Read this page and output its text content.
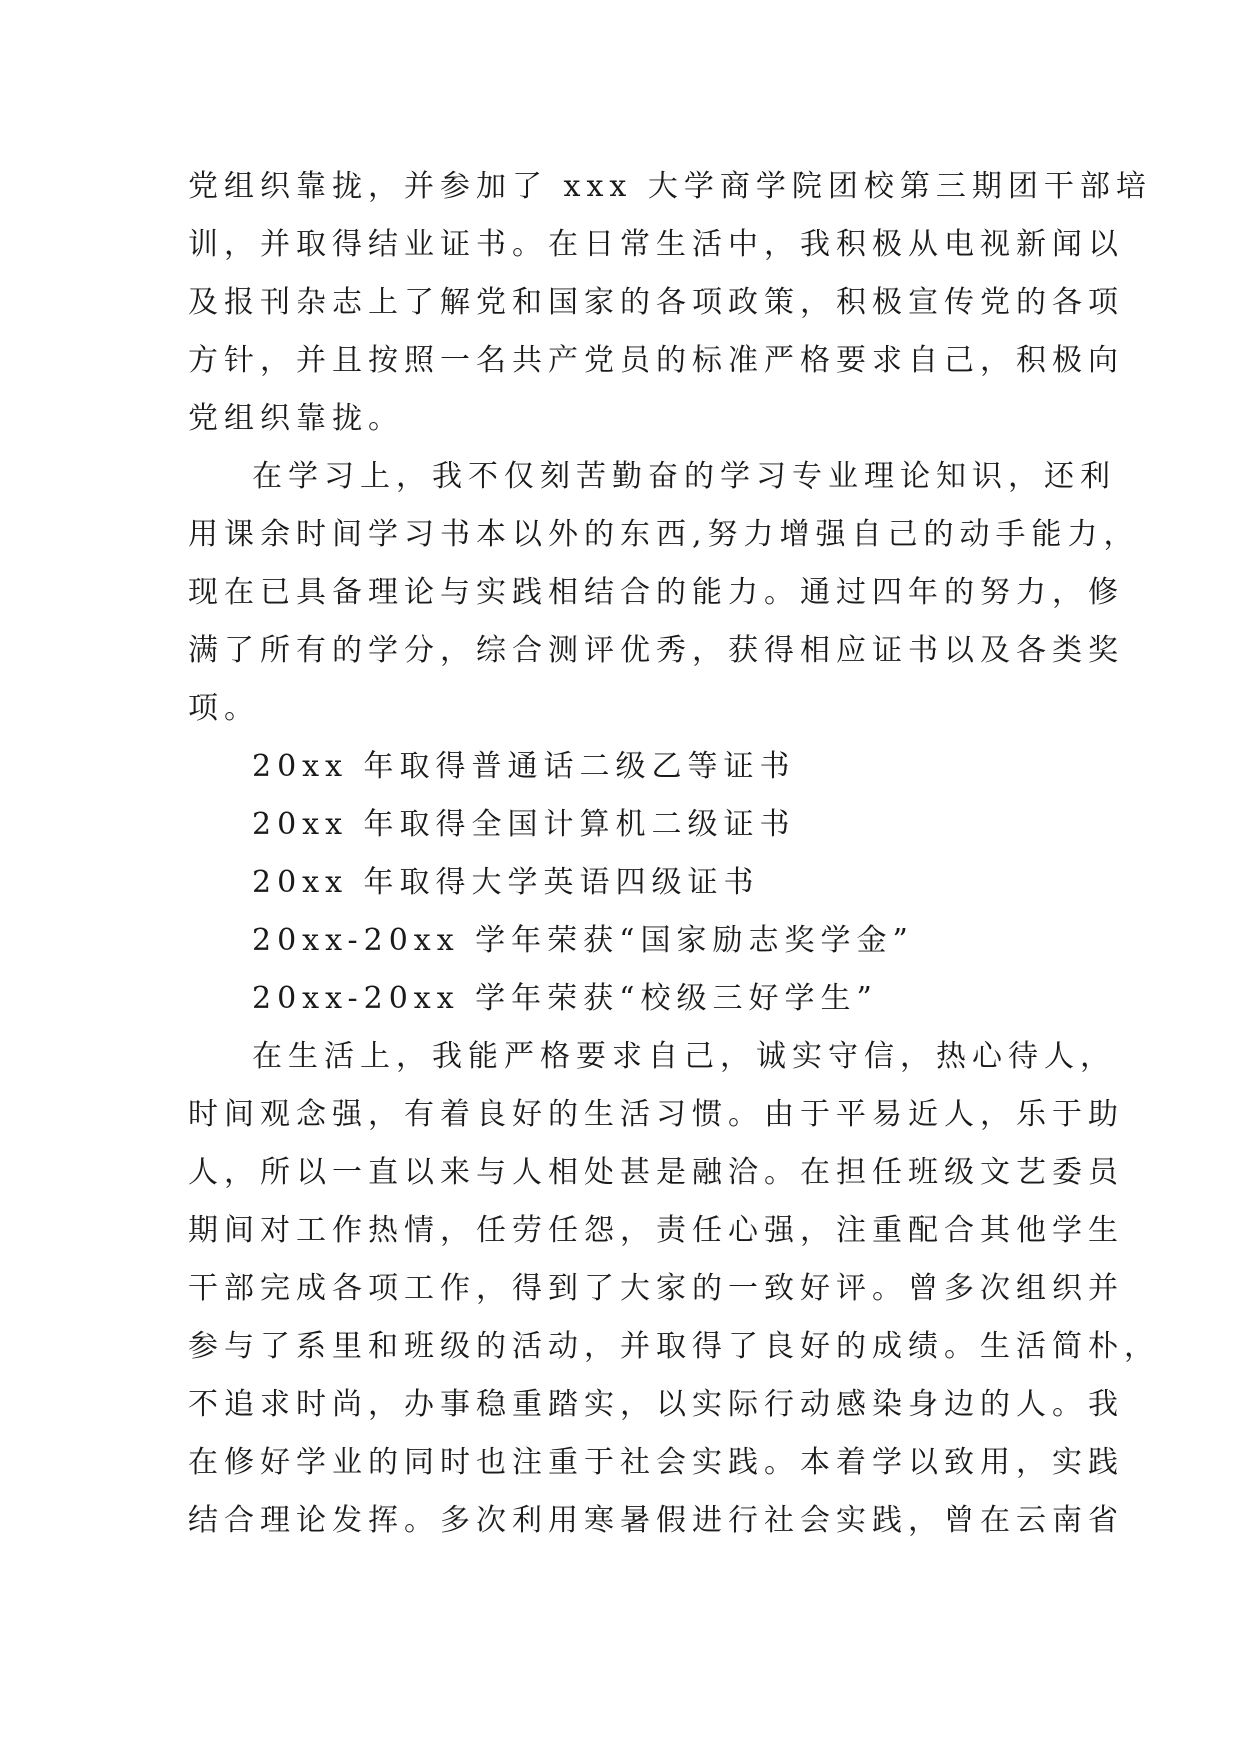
党组织靠拢，并参加了 xxx 大学商学院团校第三期团干部培
训，并取得结业证书。在日常生活中，我积极从电视新闻以
及报刊杂志上了解党和国家的各项政策，积极宣传党的各项
方针，并且按照一名共产党员的标准严格要求自己，积极向
党组织靠拢。
在学习上，我不仅刻苦勤奋的学习专业理论知识，还利
用课余时间学习书本以外的东西,努力增强自己的动手能力，
现在已具备理论与实践相结合的能力。通过四年的努力，修
满了所有的学分，综合测评优秀，获得相应证书以及各类奖
项。
20xx 年取得普通话二级乙等证书
20xx 年取得全国计算机二级证书
20xx 年取得大学英语四级证书
20xx-20xx 学年荣获“国家励志奖学金”
20xx-20xx 学年荣获“校级三好学生”
在生活上，我能严格要求自己，诚实守信，热心待人，
时间观念强，有着良好的生活习惯。由于平易近人，乐于助
人，所以一直以来与人相处甚是融洽。在担任班级文艺委员
期间对工作热情，任劳任怨，责任心强，注重配合其他学生
干部完成各项工作，得到了大家的一致好评。曾多次组织并
参与了系里和班级的活动，并取得了良好的成绩。生活简朴，
不追求时尚，办事稳重踏实，以实际行动感染身边的人。我
在修好学业的同时也注重于社会实践。本着学以致用，实践
结合理论发挥。多次利用寒暑假进行社会实践，曾在云南省
